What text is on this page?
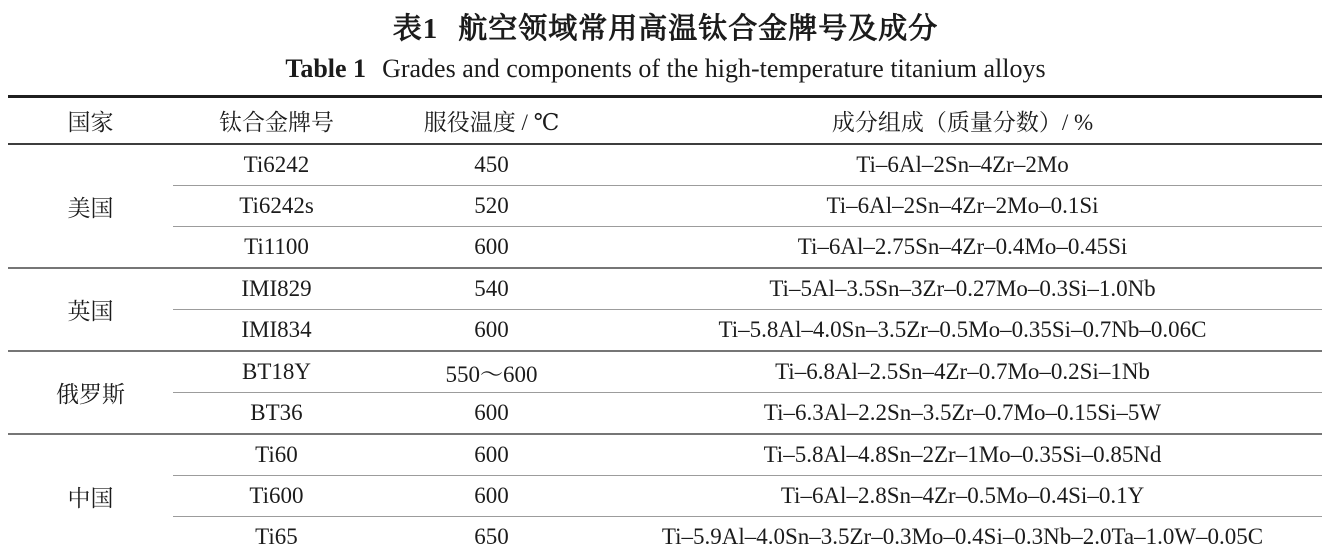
表1 航空领域常用高温钛合金牌号及成分
Table 1 Grades and components of the high-temperature titanium alloys
国家	钛合金牌号	服役温度 / ℃	成分组成（质量分数）/ %
美国	Ti6242	450	Ti–6Al–2Sn–4Zr–2Mo
	Ti6242s	520	Ti–6Al–2Sn–4Zr–2Mo–0.1Si
	Ti1100	600	Ti–6Al–2.75Sn–4Zr–0.4Mo–0.45Si
英国	IMI829	540	Ti–5Al–3.5Sn–3Zr–0.27Mo–0.3Si–1.0Nb
	IMI834	600	Ti–5.8Al–4.0Sn–3.5Zr–0.5Mo–0.35Si–0.7Nb–0.06C
俄罗斯	BT18Y	550～600	Ti–6.8Al–2.5Sn–4Zr–0.7Mo–0.2Si–1Nb
	BT36	600	Ti–6.3Al–2.2Sn–3.5Zr–0.7Mo–0.15Si–5W
中国	Ti60	600	Ti–5.8Al–4.8Sn–2Zr–1Mo–0.35Si–0.85Nd
	Ti600	600	Ti–6Al–2.8Sn–4Zr–0.5Mo–0.4Si–0.1Y
	Ti65	650	Ti–5.9Al–4.0Sn–3.5Zr–0.3Mo–0.4Si–0.3Nb–2.0Ta–1.0W–0.05C
